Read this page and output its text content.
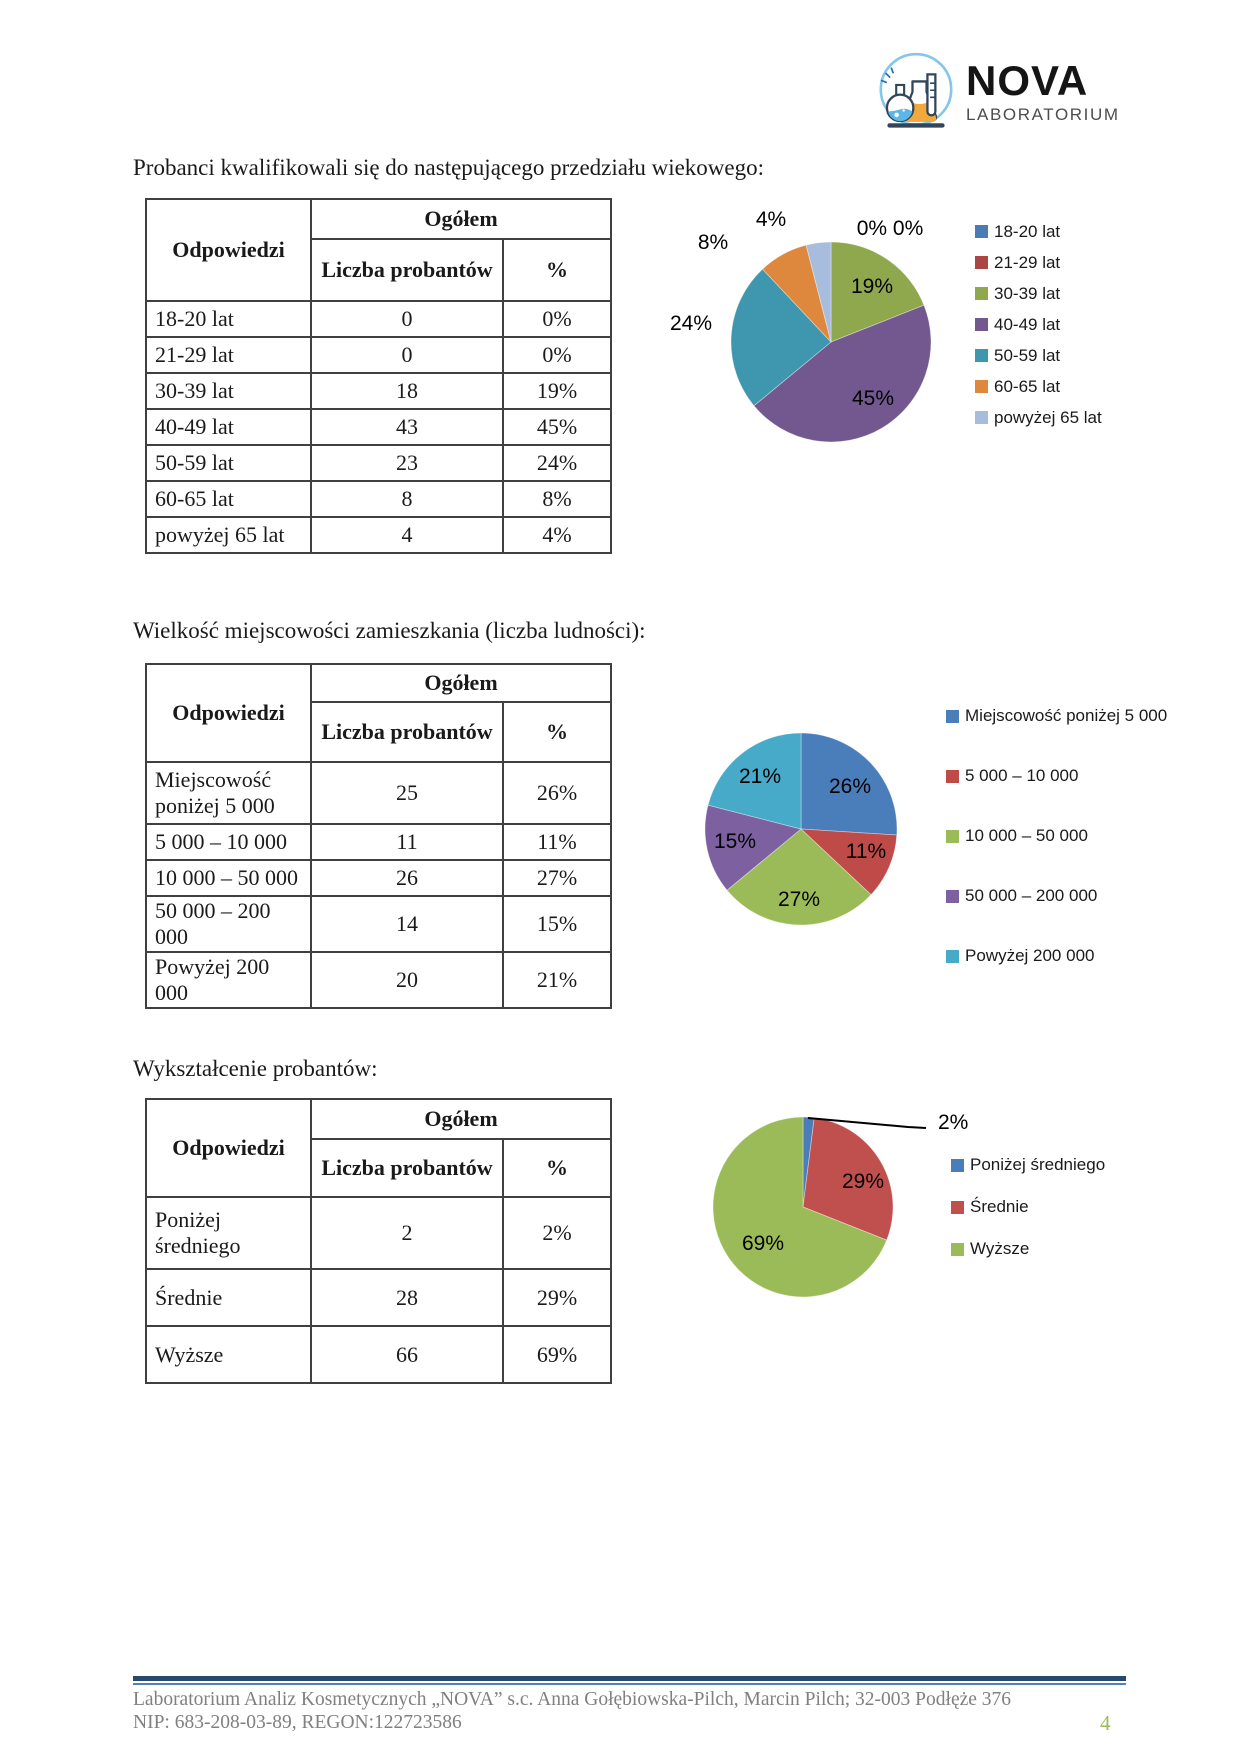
NOVA
LABORATORIUM
Probanci kwalifikowali się do następującego przedziału wiekowego:
Odpowiedzi	Ogółem	
	Liczba probantów	%
18-20 lat	0	0%
21-29 lat	0	0%
30-39 lat	18	19%
40-49 lat	43	45%
50-59 lat	23	24%
60-65 lat	8	8%
powyżej 65 lat	4	4%
0% 0%
4%
8%
24%
19%
45%
18-20 lat
21-29 lat
30-39 lat
40-49 lat
50-59 lat
60-65 lat
powyżej 65 lat
Wielkość miejscowości zamieszkania (liczba ludności):
Odpowiedzi	Ogółem	
	Liczba probantów	%
Miejscowość poniżej 5 000	25	26%
5 000 – 10 000	11	11%
10 000 – 50 000	26	27%
50 000 – 200 000	14	15%
Powyżej 200 000	20	21%
26%
11%
27%
15%
21%
Miejscowość poniżej 5 000
5 000 – 10 000
10 000 – 50 000
50 000 – 200 000
Powyżej 200 000
Wykształcenie probantów:
Odpowiedzi	Ogółem	
	Liczba probantów	%
Poniżej średniego	2	2%
Średnie	28	29%
Wyższe	66	69%
29%
69%
2%
Poniżej średniego
Średnie
Wyższe
Laboratorium Analiz Kosmetycznych „NOVA” s.c. Anna Gołębiowska-Pilch, Marcin Pilch; 32-003 Podłęże 376
NIP: 683-208-03-89, REGON:122723586	4
